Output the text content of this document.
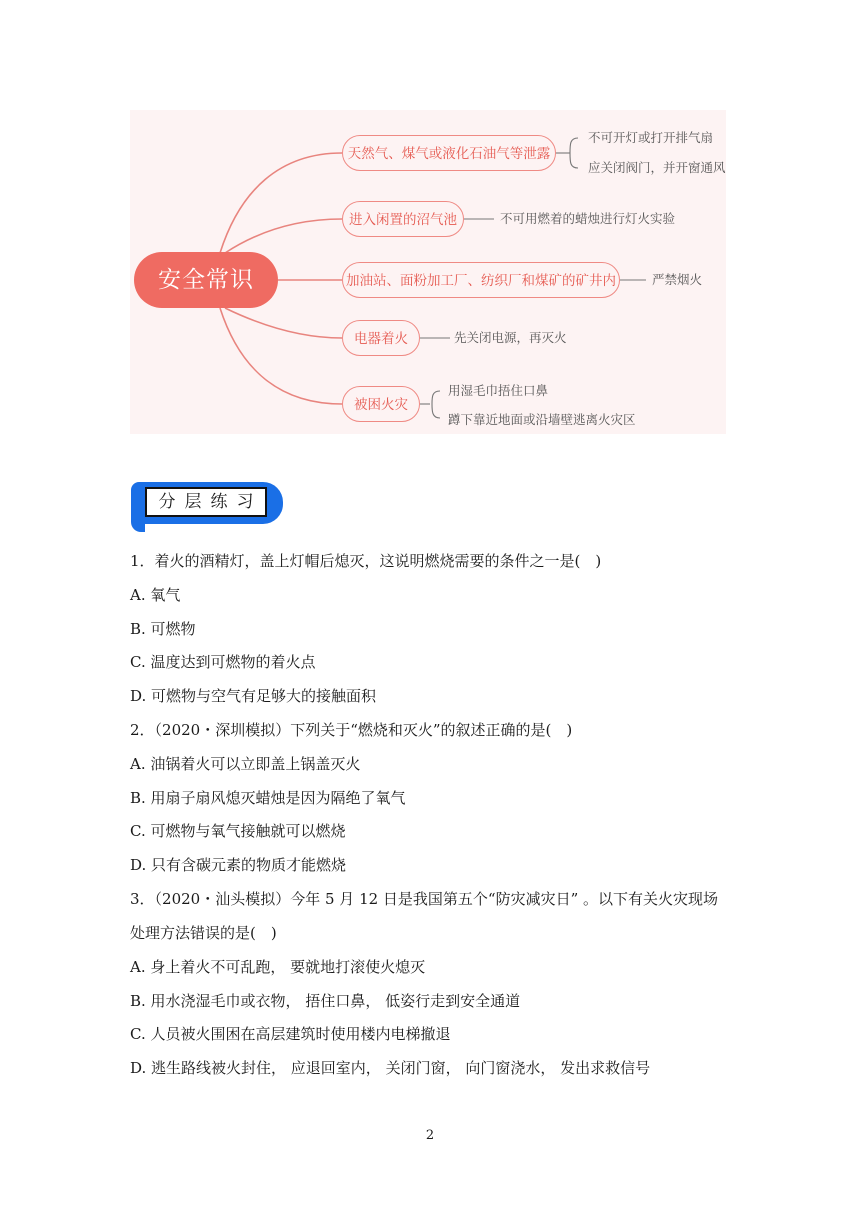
安全常识
天然气、煤气或液化石油气等泄露
不可开灯或打开排气扇
应关闭阀门，并开窗通风
进入闲置的沼气池	不可用燃着的蜡烛进行灯火实验
加油站、面粉加工厂、纺织厂和煤矿的矿井内	严禁烟火
电器着火	先关闭电源，再灭火
被困火灾
用湿毛巾捂住口鼻
蹲下靠近地面或沿墙壁逃离火灾区
分层练习
1．着火的酒精灯，盖上灯帽后熄灭，这说明燃烧需要的条件之一是(　)
A. 氧气
B. 可燃物
C. 温度达到可燃物的着火点
D. 可燃物与空气有足够大的接触面积
2．（2020・深圳模拟）下列关于“燃烧和灭火”的叙述正确的是(　)
A. 油锅着火可以立即盖上锅盖灭火
B. 用扇子扇风熄灭蜡烛是因为隔绝了氧气
C. 可燃物与氧气接触就可以燃烧
D. 只有含碳元素的物质才能燃烧
3．（2020・汕头模拟）今年 5 月 12 日是我国第五个“防灾减灾日” 。以下有关火灾现场
处理方法错误的是(　)
A. 身上着火不可乱跑， 要就地打滚使火熄灭
B. 用水浇湿毛巾或衣物， 捂住口鼻， 低姿行走到安全通道
C. 人员被火围困在高层建筑时使用楼内电梯撤退
D. 逃生路线被火封住， 应退回室内， 关闭门窗， 向门窗浇水， 发出求救信号
2
